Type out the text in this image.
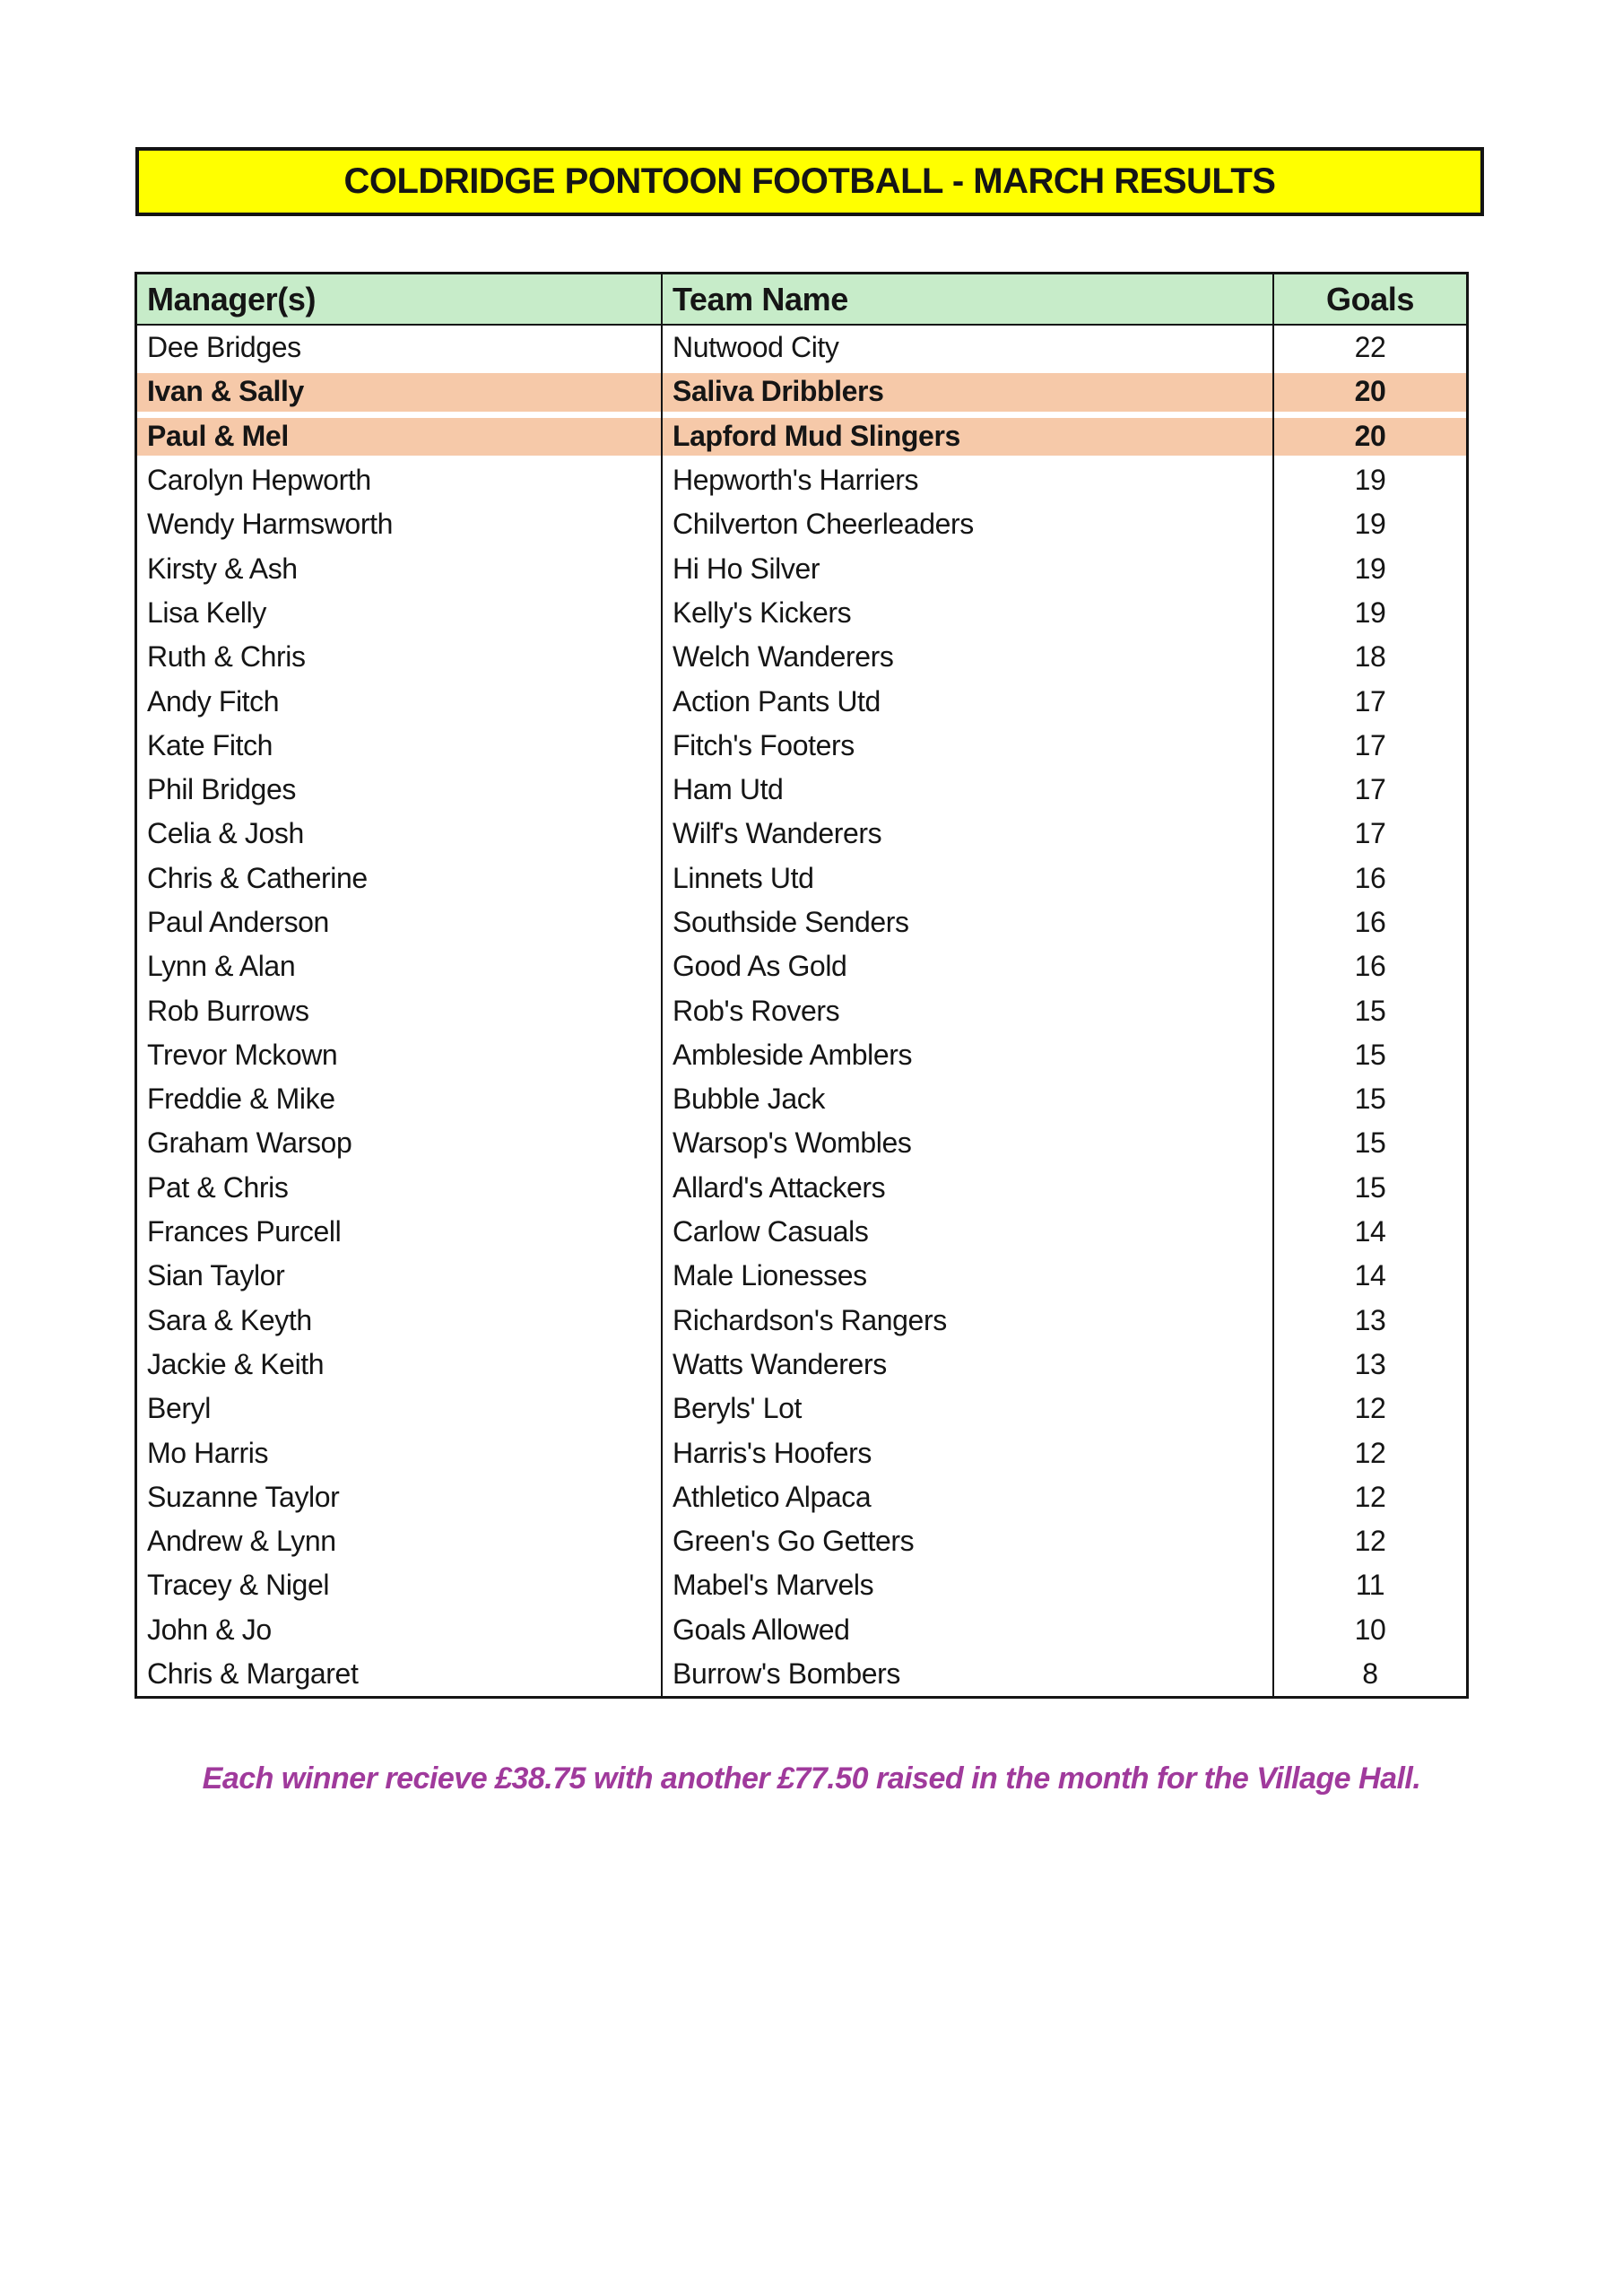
COLDRIDGE PONTOON FOOTBALL - MARCH RESULTS
Manager(s)	Team Name	Goals
Dee Bridges	Nutwood City	22
Ivan & Sally	Saliva Dribblers	20
Paul & Mel	Lapford Mud Slingers	20
Carolyn Hepworth	Hepworth's Harriers	19
Wendy Harmsworth	Chilverton Cheerleaders	19
Kirsty & Ash	Hi Ho Silver	19
Lisa Kelly	Kelly's Kickers	19
Ruth & Chris	Welch Wanderers	18
Andy Fitch	Action Pants Utd	17
Kate Fitch	Fitch's Footers	17
Phil Bridges	Ham Utd	17
Celia & Josh	Wilf's Wanderers	17
Chris & Catherine	Linnets Utd	16
Paul Anderson	Southside Senders	16
Lynn & Alan	Good As Gold	16
Rob Burrows	Rob's Rovers	15
Trevor Mckown	Ambleside Amblers	15
Freddie & Mike	Bubble Jack	15
Graham Warsop	Warsop's Wombles	15
Pat & Chris	Allard's Attackers	15
Frances Purcell	Carlow Casuals	14
Sian Taylor	Male Lionesses	14
Sara & Keyth	Richardson's Rangers	13
Jackie & Keith	Watts Wanderers	13
Beryl	Beryls' Lot	12
Mo Harris	Harris's Hoofers	12
Suzanne Taylor	Athletico Alpaca	12
Andrew & Lynn	Green's Go Getters	12
Tracey & Nigel	Mabel's Marvels	11
John & Jo	Goals Allowed	10
Chris & Margaret	Burrow's Bombers	8
Each winner recieve £38.75 with another £77.50 raised in the month for the Village Hall.
